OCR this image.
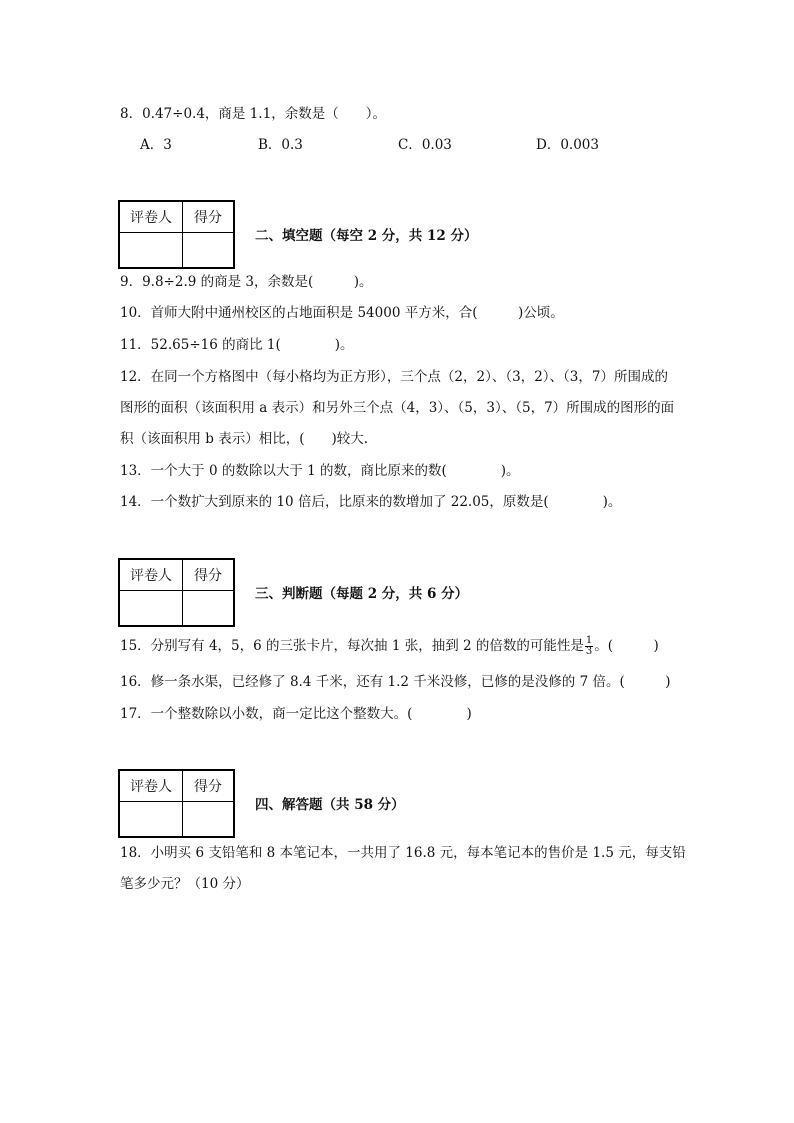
8．0.47÷0.4，商是 1.1，余数是（　　）。
A．3	B．0.3	C．0.03	D．0.003
评卷人	得分

二、填空题（每空 2 分，共 12 分）
9．9.8÷2.9 的商是 3，余数是(　　　)。
10．首师大附中通州校区的占地面积是 54000 平方米，合(　　　)公顷。
11．52.65÷16 的商比 1(　　　　)。
12．在同一个方格图中（每小格均为正方形），三个点（2，2）、（3，2）、（3，7）所围成的
图形的面积（该面积用 a 表示）和另外三个点（4，3）、（5，3）、（5，7）所围成的图形的面
积（该面积用 b 表示）相比，(　　)较大.
13．一个大于 0 的数除以大于 1 的数，商比原来的数(　　　　)。
14．一个数扩大到原来的 10 倍后，比原来的数增加了 22.05，原数是(　　　　)。
评卷人	得分

三、判断题（每题 2 分，共 6 分）
15．分别写有 4，5，6 的三张卡片，每次抽 1 张，抽到 2 的倍数的可能性是 $\frac{1}{3}$ 。(　　　)
16．修一条水渠，已经修了 8.4 千米，还有 1.2 千米没修，已修的是没修的 7 倍。(　　　)
17．一个整数除以小数，商一定比这个整数大。(　　　　)
评卷人	得分

四、解答题（共 58 分）
18．小明买 6 支铅笔和 8 本笔记本，一共用了 16.8 元，每本笔记本的售价是 1.5 元，每支铅
笔多少元？（10 分）
